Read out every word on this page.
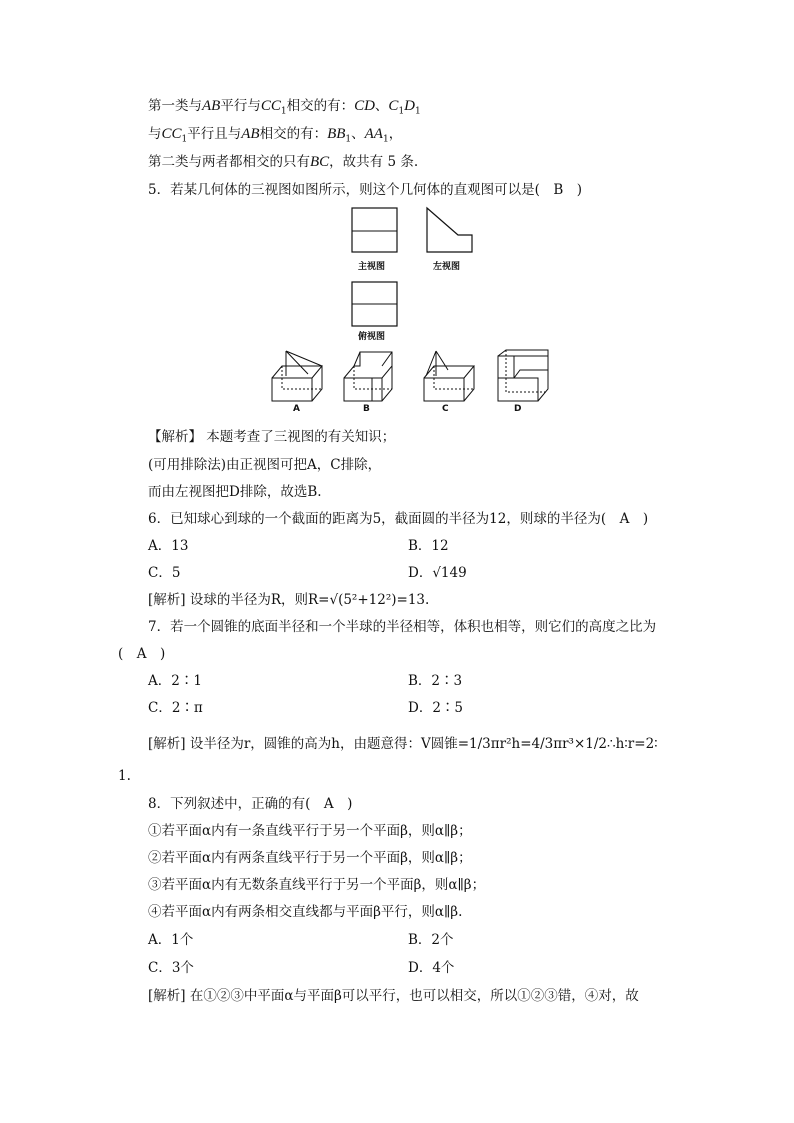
第一类与AB平行与$CC_1$相交的有：CD、$C_1D_1$
与$CC_1$平行且与AB相交的有：$BB_1$、$AA_1$，
第二类与两者都相交的只有BC，故共有 5 条.
5．若某几何体的三视图如图所示，则这个几何体的直观图可以是(　B　)
主视图	左视图
俯视图
A	B	C	D
【解析】 本题考查了三视图的有关知识；
(可用排除法)由正视图可把A，C排除，
而由左视图把D排除，故选B.
6．已知球心到球的一个截面的距离为5，截面圆的半径为12，则球的半径为(　A　)
A．13	B．12
C．5	D．√149
[解析] 设球的半径为R，则R=√(5²+12²)=13.
7．若一个圆锥的底面半径和一个半球的半径相等，体积也相等，则它们的高度之比为
(　A　)
A．2∶1	B．2∶3
C．2∶π	D．2∶5
[解析] 设半径为r，圆锥的高为h，由题意得：V圆锥=1/3πr²h=4/3πr³×1/2∴h∶r=2∶
1.
8．下列叙述中，正确的有(　A　)
①若平面α内有一条直线平行于另一个平面β，则α∥β；
②若平面α内有两条直线平行于另一个平面β，则α∥β；
③若平面α内有无数条直线平行于另一个平面β，则α∥β；
④若平面α内有两条相交直线都与平面β平行，则α∥β.
A．1个	B．2个
C．3个	D．4个
[解析] 在①②③中平面α与平面β可以平行，也可以相交，所以①②③错，④对，故
